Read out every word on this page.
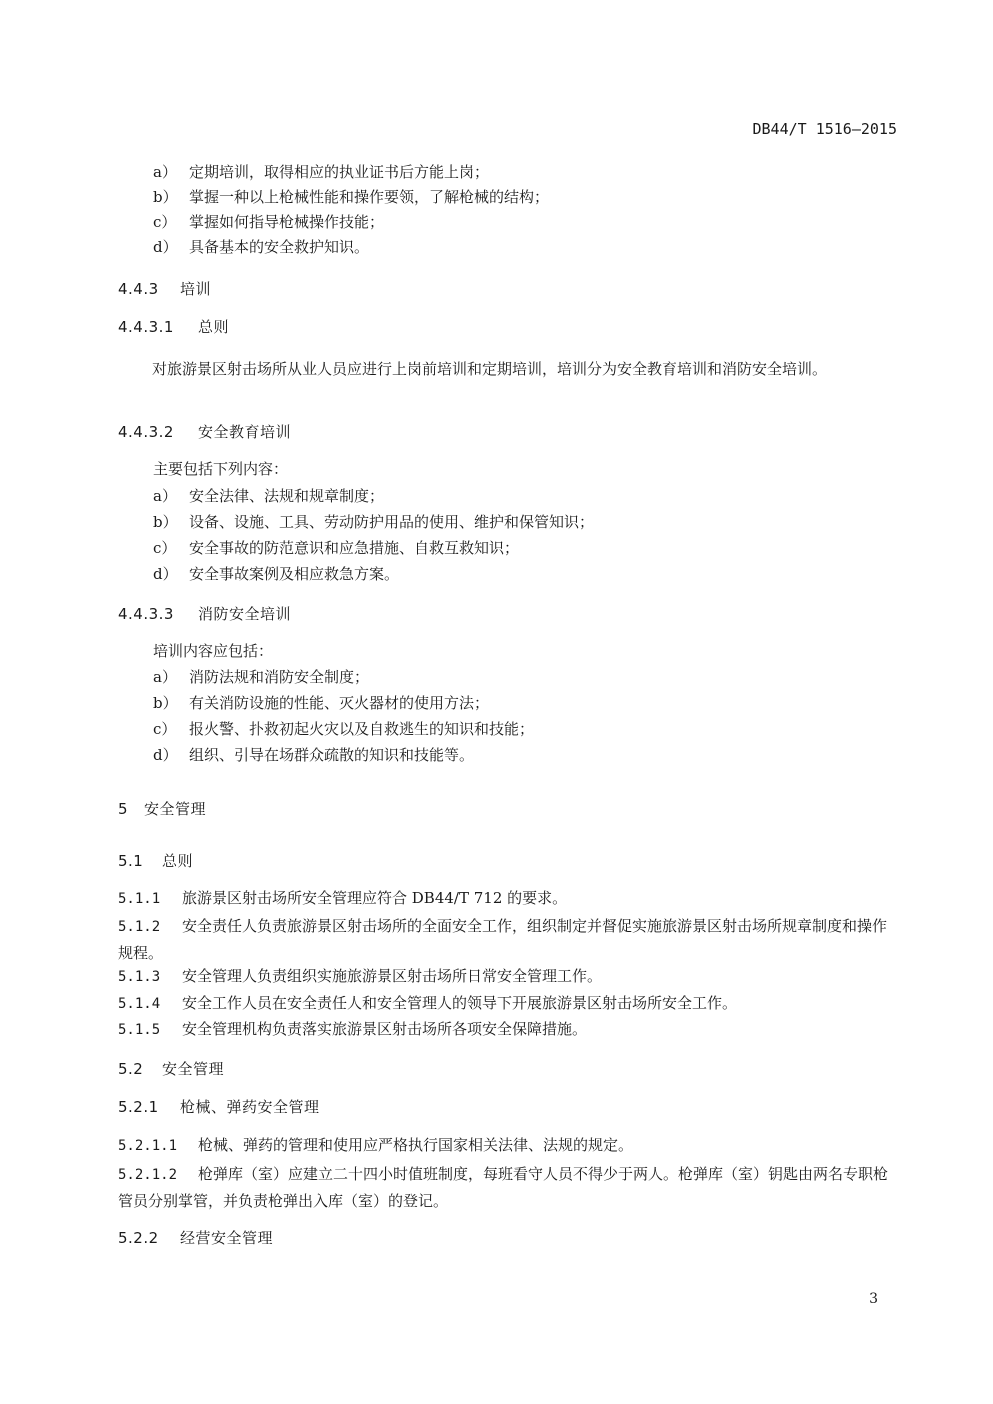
DB44/T 1516—2015
a） 定期培训，取得相应的执业证书后方能上岗；
b） 掌握一种以上枪械性能和操作要领，了解枪械的结构；
c） 掌握如何指导枪械操作技能；
d） 具备基本的安全救护知识。
4.4.3 培训
4.4.3.1 总则
对旅游景区射击场所从业人员应进行上岗前培训和定期培训，培训分为安全教育培训和消防安全培训。
4.4.3.2 安全教育培训
主要包括下列内容：
a） 安全法律、法规和规章制度；
b） 设备、设施、工具、劳动防护用品的使用、维护和保管知识；
c） 安全事故的防范意识和应急措施、自救互救知识；
d） 安全事故案例及相应救急方案。
4.4.3.3 消防安全培训
培训内容应包括：
a） 消防法规和消防安全制度；
b） 有关消防设施的性能、灭火器材的使用方法；
c） 报火警、扑救初起火灾以及自救逃生的知识和技能；
d） 组织、引导在场群众疏散的知识和技能等。
5 安全管理
5.1 总则
5.1.1 旅游景区射击场所安全管理应符合 DB44/T 712 的要求。
5.1.2 安全责任人负责旅游景区射击场所的全面安全工作，组织制定并督促实施旅游景区射击场所规章制度和操作规程。
5.1.3 安全管理人负责组织实施旅游景区射击场所日常安全管理工作。
5.1.4 安全工作人员在安全责任人和安全管理人的领导下开展旅游景区射击场所安全工作。
5.1.5 安全管理机构负责落实旅游景区射击场所各项安全保障措施。
5.2 安全管理
5.2.1 枪械、弹药安全管理
5.2.1.1 枪械、弹药的管理和使用应严格执行国家相关法律、法规的规定。
5.2.1.2 枪弹库（室）应建立二十四小时值班制度，每班看守人员不得少于两人。枪弹库（室）钥匙由两名专职枪管员分别掌管，并负责枪弹出入库（室）的登记。
5.2.2 经营安全管理
3
